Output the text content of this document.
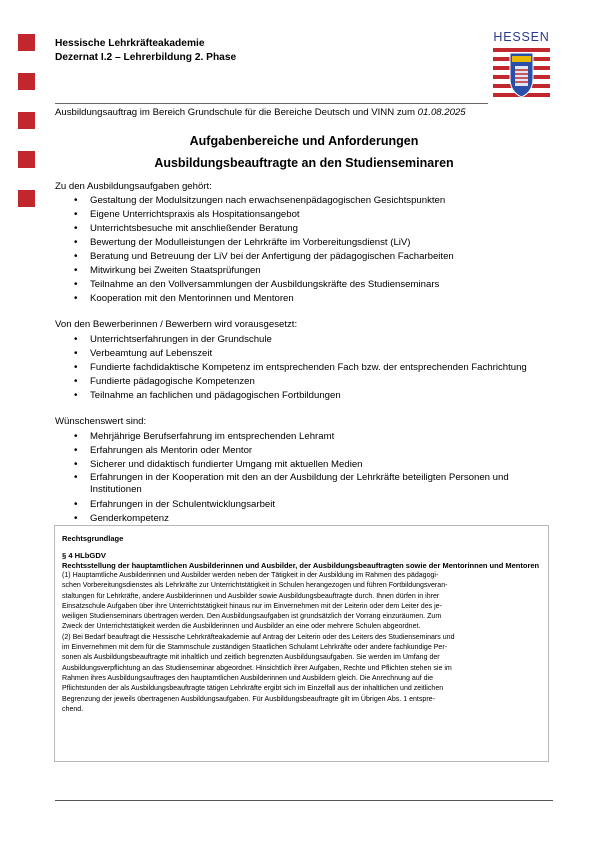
Hessische Lehrkräfteakademie
Dezernat I.2 – Lehrerbildung 2. Phase
HESSEN
Ausbildungsauftrag im Bereich Grundschule für die Bereiche Deutsch und VINN zum 01.08.2025
Aufgabenbereiche und Anforderungen
Ausbildungsbeauftragte an den Studienseminaren
Zu den Ausbildungsaufgaben gehört:
• Gestaltung der Modulsitzungen nach erwachsenenpädagogischen Gesichtspunkten
• Eigene Unterrichtspraxis als Hospitationsangebot
• Unterrichtsbesuche mit anschließender Beratung
• Bewertung der Modulleistungen der Lehrkräfte im Vorbereitungsdienst (LiV)
• Beratung und Betreuung der LiV bei der Anfertigung der pädagogischen Facharbeiten
• Mitwirkung bei Zweiten Staatsprüfungen
• Teilnahme an den Vollversammlungen der Ausbildungskräfte des Studienseminars
• Kooperation mit den Mentorinnen und Mentoren
Von den Bewerberinnen / Bewerbern wird vorausgesetzt:
• Unterrichtserfahrungen in der Grundschule
• Verbeamtung auf Lebenszeit
• Fundierte fachdidaktische Kompetenz im entsprechenden Fach bzw. der entsprechenden Fachrichtung
• Fundierte pädagogische Kompetenzen
• Teilnahme an fachlichen und pädagogischen Fortbildungen
Wünschenswert sind:
• Mehrjährige Berufserfahrung im entsprechenden Lehramt
• Erfahrungen als Mentorin oder Mentor
• Sicherer und didaktisch fundierter Umgang mit aktuellen Medien
• Erfahrungen in der Kooperation mit den an der Ausbildung der Lehrkräfte beteiligten Personen und Institutionen
• Erfahrungen in der Schulentwicklungsarbeit
• Genderkompetenz
Rechtsgrundlage
§ 4 HLbGDV
Rechtsstellung der hauptamtlichen Ausbilderinnen und Ausbilder, der Ausbildungsbeauftragten sowie der Mentorinnen und Mentoren
(1) Hauptamtliche Ausbilderinnen und Ausbilder werden neben der Tätigkeit in der Ausbildung im Rahmen des pädagogi-
schen Vorbereitungsdienstes als Lehrkräfte zur Unterrichtstätigkeit in Schulen herangezogen und führen Fortbildungsveran-
staltungen für Lehrkräfte, andere Ausbilderinnen und Ausbilder sowie Ausbildungsbeauftragte durch. Ihnen dürfen in ihrer
Einsatzschule Aufgaben über ihre Unterrichtstätigkeit hinaus nur im Einvernehmen mit der Leiterin oder dem Leiter des je-
weiligen Studienseminars übertragen werden. Den Ausbildungsaufgaben ist grundsätzlich der Vorrang einzuräumen. Zum
Zweck der Unterrichtstätigkeit werden die Ausbilderinnen und Ausbilder an eine oder mehrere Schulen abgeordnet.
(2) Bei Bedarf beauftragt die Hessische Lehrkräfteakademie auf Antrag der Leiterin oder des Leiters des Studienseminars und
im Einvernehmen mit dem für die Stammschule zuständigen Staatlichen Schulamt Lehrkräfte oder andere fachkundige Per-
sonen als Ausbildungsbeauftragte mit inhaltlich und zeitlich begrenzten Ausbildungsaufgaben. Sie werden im Umfang der
Ausbildungsverpflichtung an das Studienseminar abgeordnet. Hinsichtlich ihrer Aufgaben, Rechte und Pflichten stehen sie im
Rahmen ihres Ausbildungsauftrages den hauptamtlichen Ausbilderinnen und Ausbildern gleich. Die Anrechnung auf die
Pflichtstunden der als Ausbildungsbeauftragte tätigen Lehrkräfte ergibt sich im Einzelfall aus der inhaltlichen und zeitlichen
Begrenzung der jeweils übertragenen Ausbildungsaufgaben. Für Ausbildungsbeauftragte gilt im Übrigen Abs. 1 entspre-
chend.
